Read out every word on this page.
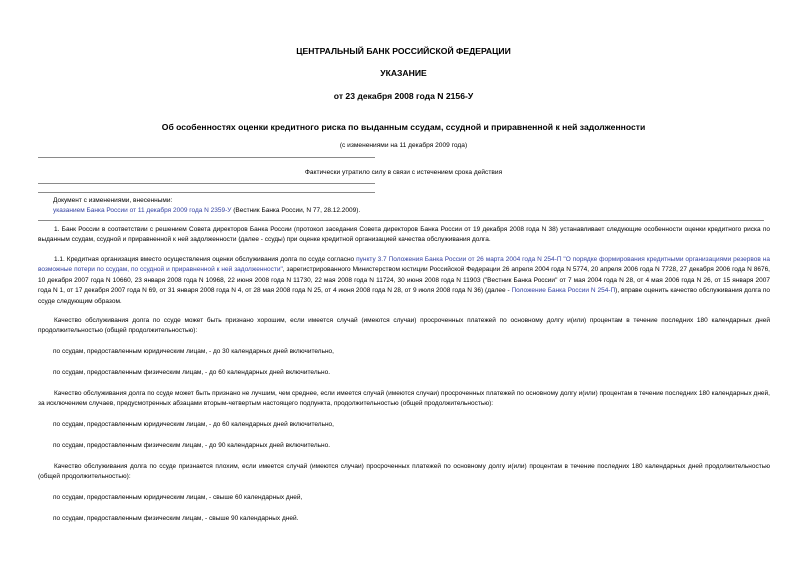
ЦЕНТРАЛЬНЫЙ БАНК РОССИЙСКОЙ ФЕДЕРАЦИИ
УКАЗАНИЕ
от 23 декабря 2008 года N 2156-У
Об особенностях оценки кредитного риска по выданным ссудам, ссудной и приравненной к ней задолженности
(с изменениями на 11 декабря 2009 года)
Фактически утратило силу в связи с истечением срока действия
Документ с изменениями, внесенными:
указанием Банка России от 11 декабря 2009 года N 2359-У (Вестник Банка России, N 77, 28.12.2009).
1. Банк России в соответствии с решением Совета директоров Банка России (протокол заседания Совета директоров Банка России от 19 декабря 2008 года N 38) устанавливает следующие особенности оценки кредитного риска по выданным ссудам, ссудной и приравненной к ней задолженности (далее - ссуды) при оценке кредитной организацией качества обслуживания долга.
1.1. Кредитная организация вместо осуществления оценки обслуживания долга по ссуде согласно пункту 3.7 Положения Банка России от 26 марта 2004 года N 254-П "О порядке формирования кредитными организациями резервов на возможные потери по ссудам, по ссудной и приравненной к ней задолженности", зарегистрированного Министерством юстиции Российской Федерации 26 апреля 2004 года N 5774, 20 апреля 2006 года N 7728, 27 декабря 2006 года N 8676, 10 декабря 2007 года N 10660, 23 января 2008 года N 10968, 22 июня 2008 года N 11730, 22 мая 2008 года N 11724, 30 июня 2008 года N 11903 ("Вестник Банка России" от 7 мая 2004 года N 28, от 4 мая 2006 года N 26, от 15 января 2007 года N 1, от 17 декабря 2007 года N 69, от 31 января 2008 года N 4, от 28 мая 2008 года N 25, от 4 июня 2008 года N 28, от 9 июля 2008 года N 36) (далее - Положение Банка России N 254-П), вправе оценить качество обслуживания долга по ссуде следующим образом.
Качество обслуживания долга по ссуде может быть признано хорошим, если имеется случай (имеются случаи) просроченных платежей по основному долгу и(или) процентам в течение последних 180 календарных дней продолжительностью (общей продолжительностью):
по ссудам, предоставленным юридическим лицам, - до 30 календарных дней включительно,
по ссудам, предоставленным физическим лицам, - до 60 календарных дней включительно.
Качество обслуживания долга по ссуде может быть признано не лучшим, чем среднее, если имеется случай (имеются случаи) просроченных платежей по основному долгу и(или) процентам в течение последних 180 календарных дней, за исключением случаев, предусмотренных абзацами вторым-четвертым настоящего подпункта, продолжительностью (общей продолжительностью):
по ссудам, предоставленным юридическим лицам, - до 60 календарных дней включительно,
по ссудам, предоставленным физическим лицам, - до 90 календарных дней включительно.
Качество обслуживания долга по ссуде признается плохим, если имеется случай (имеются случаи) просроченных платежей по основному долгу и(или) процентам в течение последних 180 календарных дней продолжительностью (общей продолжительностью):
по ссудам, предоставленным юридическим лицам, - свыше 60 календарных дней,
по ссудам, предоставленным физическим лицам, - свыше 90 календарных дней.
